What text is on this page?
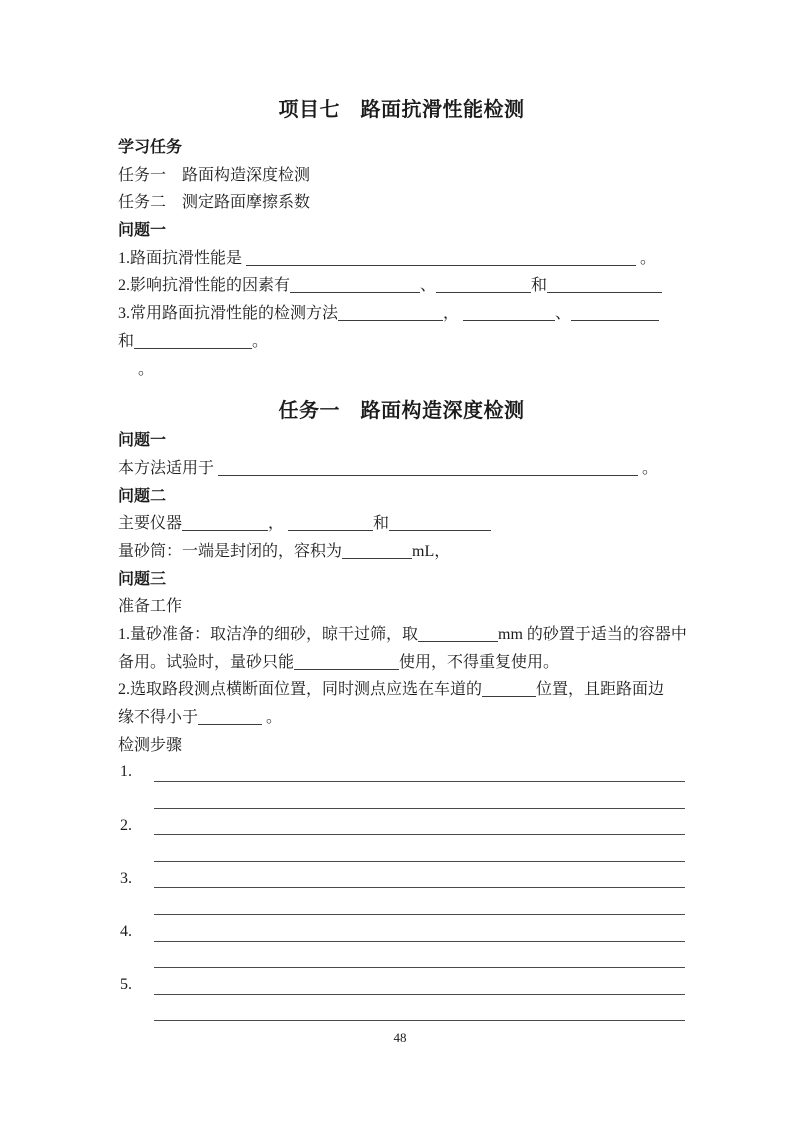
项目七　路面抗滑性能检测
学习任务
任务一　路面构造深度检测
任务二　测定路面摩擦系数
问题一
1.路面抗滑性能是	。
2.影响抗滑性能的因素有	、	和
3.常用路面抗滑性能的检测方法	，	、
和	。
。
任务一　路面构造深度检测
问题一
本方法适用于	。
问题二
主要仪器	，	和
量砂筒：一端是封闭的，容积为	mL，
问题三
准备工作
1.量砂准备：取洁净的细砂，晾干过筛，取	mm 的砂置于适当的容器中
备用。试验时，量砂只能	使用，不得重复使用。
2.选取路段测点横断面位置，同时测点应选在车道的	位置，且距路面边
缘不得小于	。
检测步骤
1.
2.
3.
4.
5.
48
